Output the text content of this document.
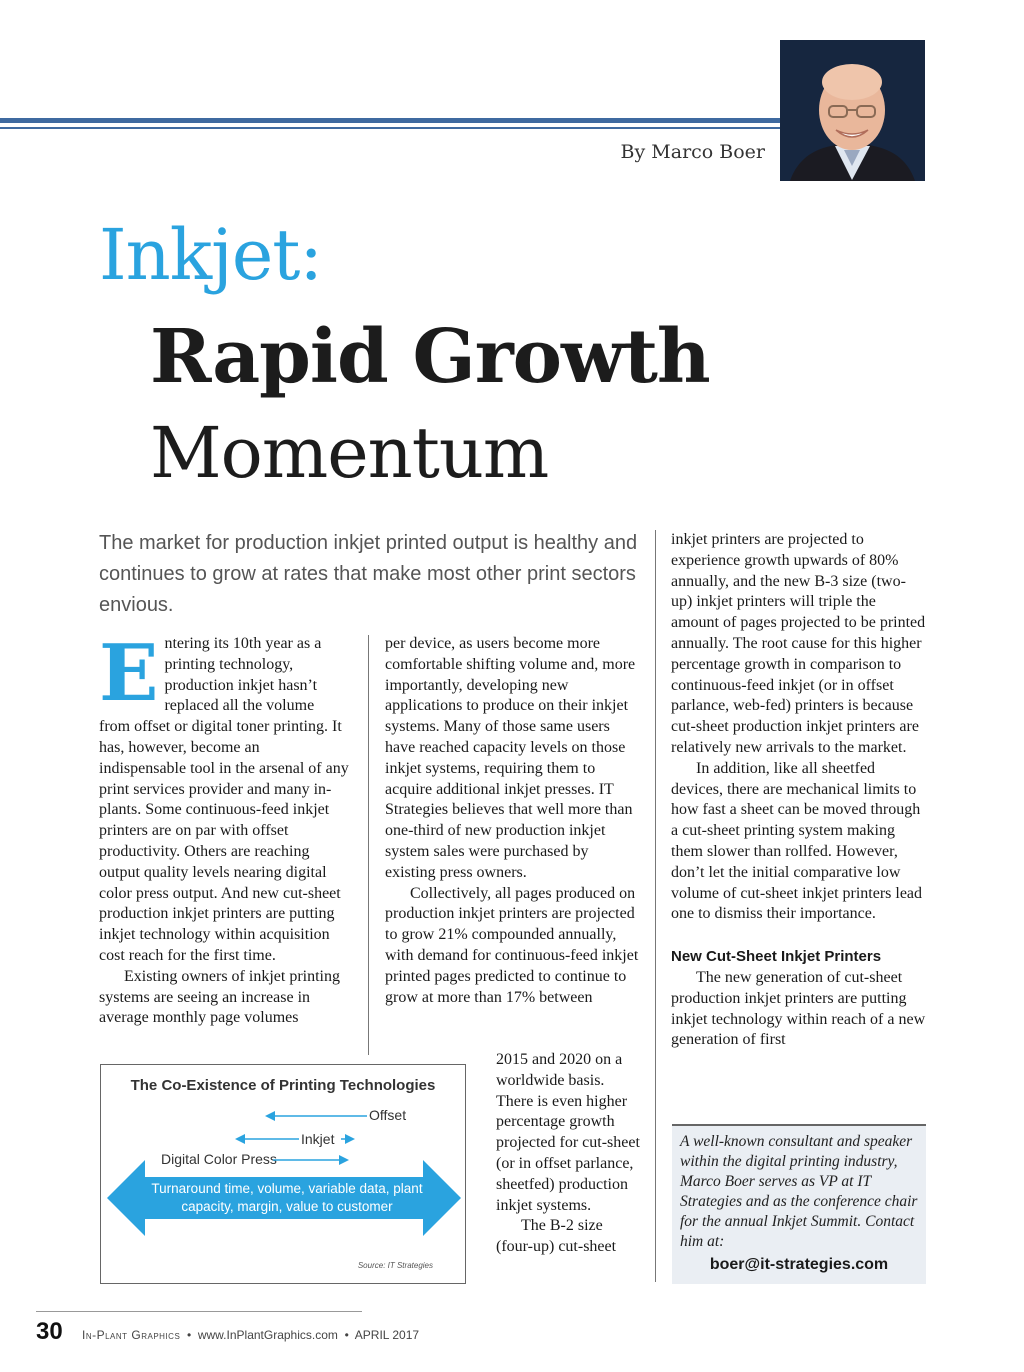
By Marco Boer
Inkjet:
Rapid Growth
Momentum
The market for production inkjet printed output is healthy and continues to grow at rates that make most other print sectors envious.

Entering its 10th year as a printing technology, production inkjet hasn’t replaced all the volume from offset or digital toner printing. It has, however, become an indispensable tool in the arsenal of any print services provider and many in-plants. Some continuous-feed inkjet printers are on par with offset productivity. Others are reaching output quality levels nearing digital color press output. And new cut-sheet production inkjet printers are putting inkjet technology within acquisition cost reach for the first time.

Existing owners of inkjet printing systems are seeing an increase in average monthly page volumes

per device, as users become more comfortable shifting volume and, more importantly, developing new applications to produce on their inkjet systems. Many of those same users have reached capacity levels on those inkjet systems, requiring them to acquire additional inkjet presses. IT Strategies believes that well more than one-third of new production inkjet system sales were purchased by existing press owners.

Collectively, all pages produced on production inkjet printers are projected to grow 21% compounded annually, with demand for continuous-feed inkjet printed pages predicted to continue to grow at more than 17% between

2015 and 2020 on a worldwide basis. There is even higher percentage growth projected for cut-sheet (or in offset parlance, sheetfed) production inkjet systems.

The B-2 size (four-up) cut-sheet

inkjet printers are projected to experience growth upwards of 80% annually, and the new B-3 size (two-up) inkjet printers will triple the amount of pages projected to be printed annually. The root cause for this higher percentage growth in comparison to continuous-feed inkjet (or in offset parlance, web-fed) printers is because cut-sheet production inkjet printers are relatively new arrivals to the market.

In addition, like all sheetfed devices, there are mechanical limits to how fast a sheet can be moved through a cut-sheet printing system making them slower than rollfed. However, don’t let the initial comparative low volume of cut-sheet inkjet printers lead one to dismiss their importance.

New Cut-Sheet Inkjet Printers

The new generation of cut-sheet production inkjet printers are putting inkjet technology within reach of a new generation of first

A well-known consultant and speaker within the digital printing industry, Marco Boer serves as VP at IT Strategies and as the conference chair for the annual Inkjet Summit. Contact him at:
boer@it-strategies.com
The Co-Existence of Printing Technologies
Offset
Inkjet
Digital Color Press
Turnaround time, volume, variable data, plant
capacity, margin, value to customer
Source: IT Strategies
30 In-Plant Graphics • www.InPlantGraphics.com • APRIL 2017
